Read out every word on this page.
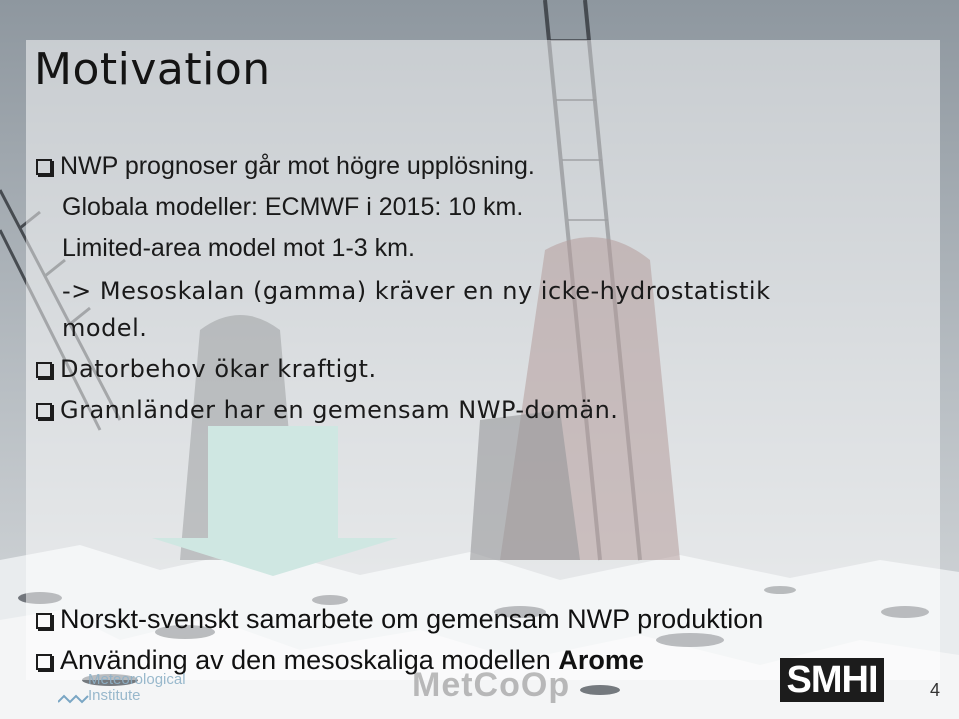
Motivation
NWP prognoser går mot högre upplösning.
Globala modeller: ECMWF i 2015: 10 km.
Limited-area model mot 1-3 km.
-> Mesoskalan (gamma) kräver en ny icke-hydrostatistik
model.
Datorbehov ökar kraftigt.
Grannländer har en gemensam NWP-domän.
Norskt-svenskt samarbete om gemensam NWP produktion
Använding av den mesoskaliga modellen Arome
Meteorological
Institute	MetCoOp	SMHI	4
